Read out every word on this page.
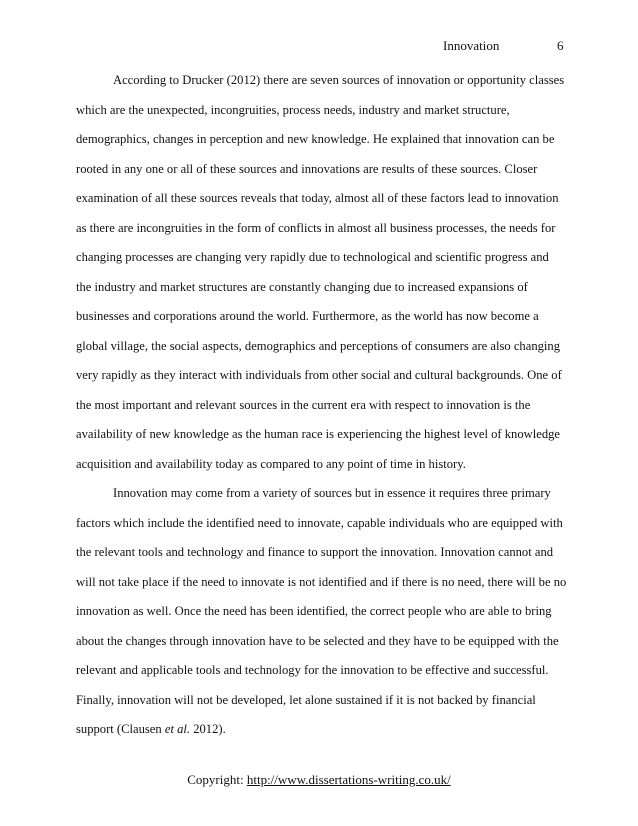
Innovation	6
According to Drucker (2012) there are seven sources of innovation or opportunity classes
which are the unexpected, incongruities, process needs, industry and market structure,
demographics, changes in perception and new knowledge. He explained that innovation can be
rooted in any one or all of these sources and innovations are results of these sources. Closer
examination of all these sources reveals that today, almost all of these factors lead to innovation
as there are incongruities in the form of conflicts in almost all business processes, the needs for
changing processes are changing very rapidly due to technological and scientific progress and
the industry and market structures are constantly changing due to increased expansions of
businesses and corporations around the world. Furthermore, as the world has now become a
global village, the social aspects, demographics and perceptions of consumers are also changing
very rapidly as they interact with individuals from other social and cultural backgrounds. One of
the most important and relevant sources in the current era with respect to innovation is the
availability of new knowledge as the human race is experiencing the highest level of knowledge
acquisition and availability today as compared to any point of time in history.
Innovation may come from a variety of sources but in essence it requires three primary
factors which include the identified need to innovate, capable individuals who are equipped with
the relevant tools and technology and finance to support the innovation. Innovation cannot and
will not take place if the need to innovate is not identified and if there is no need, there will be no
innovation as well. Once the need has been identified, the correct people who are able to bring
about the changes through innovation have to be selected and they have to be equipped with the
relevant and applicable tools and technology for the innovation to be effective and successful.
Finally, innovation will not be developed, let alone sustained if it is not backed by financial
support (Clausen et al. 2012).
Copyright: http://www.dissertations-writing.co.uk/
